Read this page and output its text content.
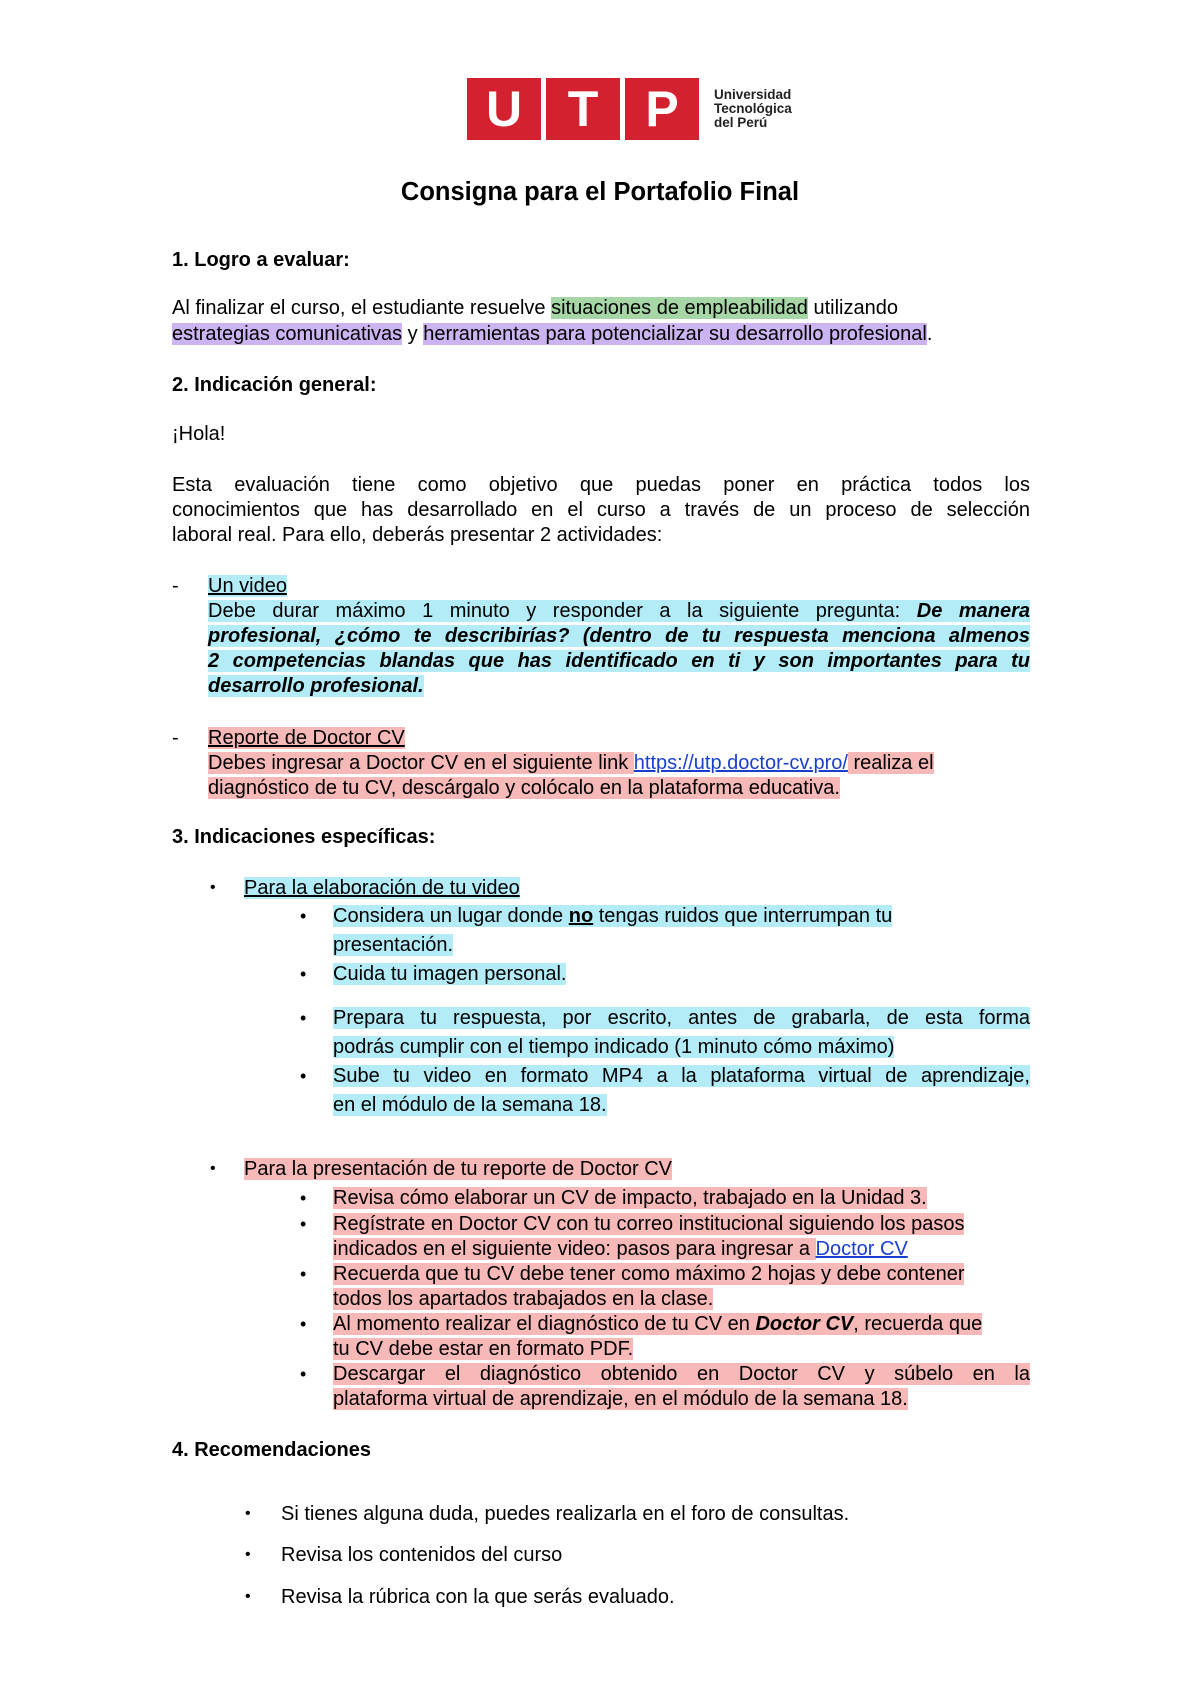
U T P	Universidad
Tecnológica
del Perú
Consigna para el Portafolio Final
1. Logro a evaluar:
Al finalizar el curso, el estudiante resuelve situaciones de empleabilidad utilizando
estrategias comunicativas y herramientas para potencializar su desarrollo profesional.
2. Indicación general:
¡Hola!
Esta evaluación tiene como objetivo que puedas poner en práctica todos los
conocimientos que has desarrollado en el curso a través de un proceso de selección
laboral real. Para ello, deberás presentar 2 actividades:
- Un video
Debe durar máximo 1 minuto y responder a la siguiente pregunta: De manera
profesional, ¿cómo te describirías? (dentro de tu respuesta menciona almenos
2 competencias blandas que has identificado en ti y son importantes para tu
desarrollo profesional.
- Reporte de Doctor CV
Debes ingresar a Doctor CV en el siguiente link https://utp.doctor-cv.pro/ realiza el
diagnóstico de tu CV, descárgalo y colócalo en la plataforma educativa.
3. Indicaciones específicas:
• Para la elaboración de tu video
• Considera un lugar donde no tengas ruidos que interrumpan tu
presentación.
• Cuida tu imagen personal.
• Prepara tu respuesta, por escrito, antes de grabarla, de esta forma
podrás cumplir con el tiempo indicado (1 minuto cómo máximo)
• Sube tu video en formato MP4 a la plataforma virtual de aprendizaje,
en el módulo de la semana 18.
• Para la presentación de tu reporte de Doctor CV
• Revisa cómo elaborar un CV de impacto, trabajado en la Unidad 3.
• Regístrate en Doctor CV con tu correo institucional siguiendo los pasos
indicados en el siguiente video: pasos para ingresar a Doctor CV
• Recuerda que tu CV debe tener como máximo 2 hojas y debe contener
todos los apartados trabajados en la clase.
• Al momento realizar el diagnóstico de tu CV en Doctor CV, recuerda que
tu CV debe estar en formato PDF.
• Descargar el diagnóstico obtenido en Doctor CV y súbelo en la
plataforma virtual de aprendizaje, en el módulo de la semana 18.
4. Recomendaciones
• Si tienes alguna duda, puedes realizarla en el foro de consultas.
• Revisa los contenidos del curso
• Revisa la rúbrica con la que serás evaluado.
